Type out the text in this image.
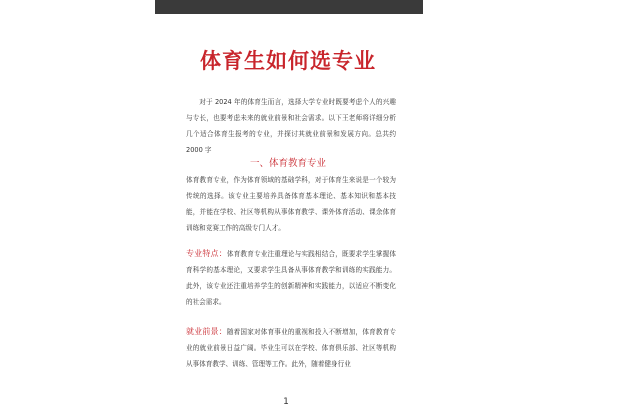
体育生如何选专业
对于 2024 年的体育生而言，选择大学专业时既要考虑个人的兴趣与专长，也要考虑未来的就业前景和社会需求。以下王老师将详细分析几个适合体育生报考的专业，并探讨其就业前景和发展方向。总共约 2000 字
一、体育教育专业
体育教育专业，作为体育领域的基础学科，对于体育生来说是一个较为传统的选择。该专业主要培养具备体育基本理论、基本知识和基本技能，并能在学校、社区等机构从事体育教学、课外体育活动、课余体育训练和竞赛工作的高级专门人才。
专业特点：体育教育专业注重理论与实践相结合，既要求学生掌握体育科学的基本理论，又要求学生具备从事体育教学和训练的实践能力。此外，该专业还注重培养学生的创新精神和实践能力，以适应不断变化的社会需求。
就业前景：随着国家对体育事业的重视和投入不断增加，体育教育专业的就业前景日益广阔。毕业生可以在学校、体育俱乐部、社区等机构从事体育教学、训练、管理等工作。此外，随着健身行业
1
